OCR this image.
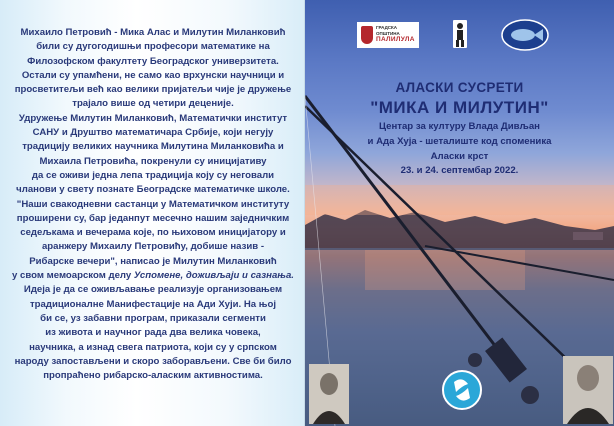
Михаило Петровић - Мика Алас и Милутин Миланковић

били су дугогодишњи професори математике на

Филозофском факултету Београдског универзитета.

Остали су упамћени, не само као врхунски научници и

просветитељи већ као велики пријатељи чије је дружење

трајало више од четири деценије.

Удружење Милутин Миланковић, Математички институт

САНУ и Друштво математичара Србије, који негују

традицију великих научника Милутина Миланковића и

Михаила Петровића, покренули су иницијативу

да се оживи једна лепа традиција коју су неговали

чланови у свету познате Београдске математичке школе.

"Наши свакодневни састанци у Математичком институту

проширени су, бар једанпут месечно нашим заједничким

седељкама и вечерама које, по њиховом иницијатору и

аранжеру Михаилу Петровићу, добише назив -

Рибарске вечери", написао је Милутин Миланковић

у свом мемоарском делу Успомене, доживљаји и сазнања.

Идеја је да се оживљавање реализује организовањем

традиционалне Манифестације на Ади Хуји. На њој

би се, уз забавни програм, приказали сегменти

из живота и научног рада два велика човека,

научника, а изнад свега патриота, који су у српском

народу запостављени и скоро заборављени. Све би било

пропраћено рибарско-аласким активностима.

ГРАДСКА ОПШТИНА
ПАЛИЛУЛА
АЛАСКИ СУСРЕТИ
"МИКА И МИЛУТИН"
Центар за културу Влада Дивљан
и Ада Хуја - шеталиште код споменика
Аласки крст
23. и 24. септембар 2022.
